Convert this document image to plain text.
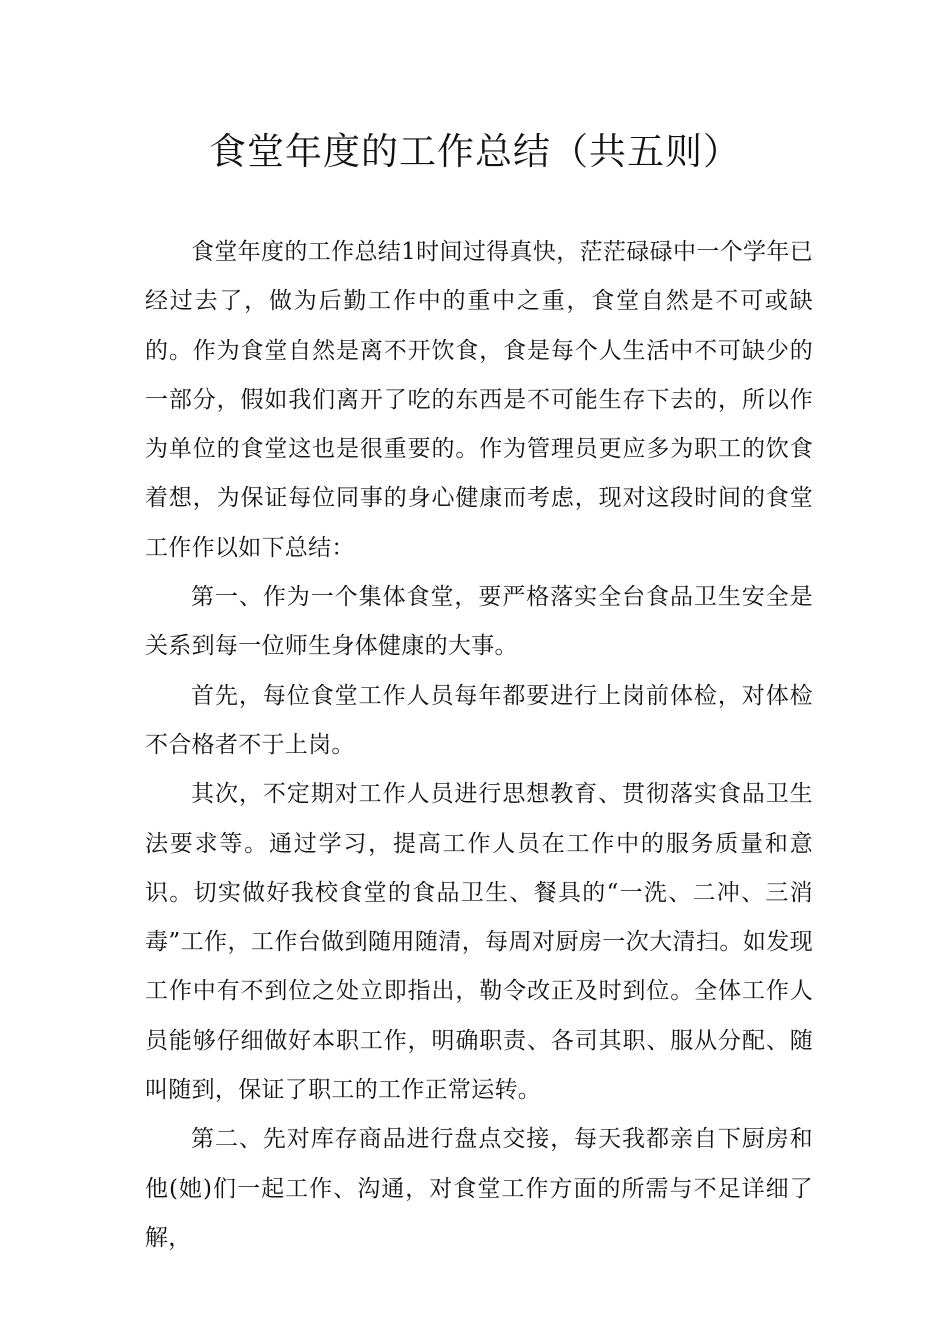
食堂年度的工作总结（共五则）

食堂年度的工作总结1时间过得真快，茫茫碌碌中一个学年已经过去了，做为后勤工作中的重中之重，食堂自然是不可或缺的。作为食堂自然是离不开饮食，食是每个人生活中不可缺少的一部分，假如我们离开了吃的东西是不可能生存下去的，所以作为单位的食堂这也是很重要的。作为管理员更应多为职工的饮食着想，为保证每位同事的身心健康而考虑，现对这段时间的食堂工作作以如下总结：

第一、作为一个集体食堂，要严格落实全台食品卫生安全是关系到每一位师生身体健康的大事。

首先，每位食堂工作人员每年都要进行上岗前体检，对体检不合格者不于上岗。

其次，不定期对工作人员进行思想教育、贯彻落实食品卫生法要求等。通过学习，提高工作人员在工作中的服务质量和意识。切实做好我校食堂的食品卫生、餐具的“一洗、二冲、三消毒”工作，工作台做到随用随清，每周对厨房一次大清扫。如发现工作中有不到位之处立即指出，勒令改正及时到位。全体工作人员能够仔细做好本职工作，明确职责、各司其职、服从分配、随叫随到，保证了职工的工作正常运转。

第二、先对库存商品进行盘点交接，每天我都亲自下厨房和他(她)们一起工作、沟通，对食堂工作方面的所需与不足详细了解，
